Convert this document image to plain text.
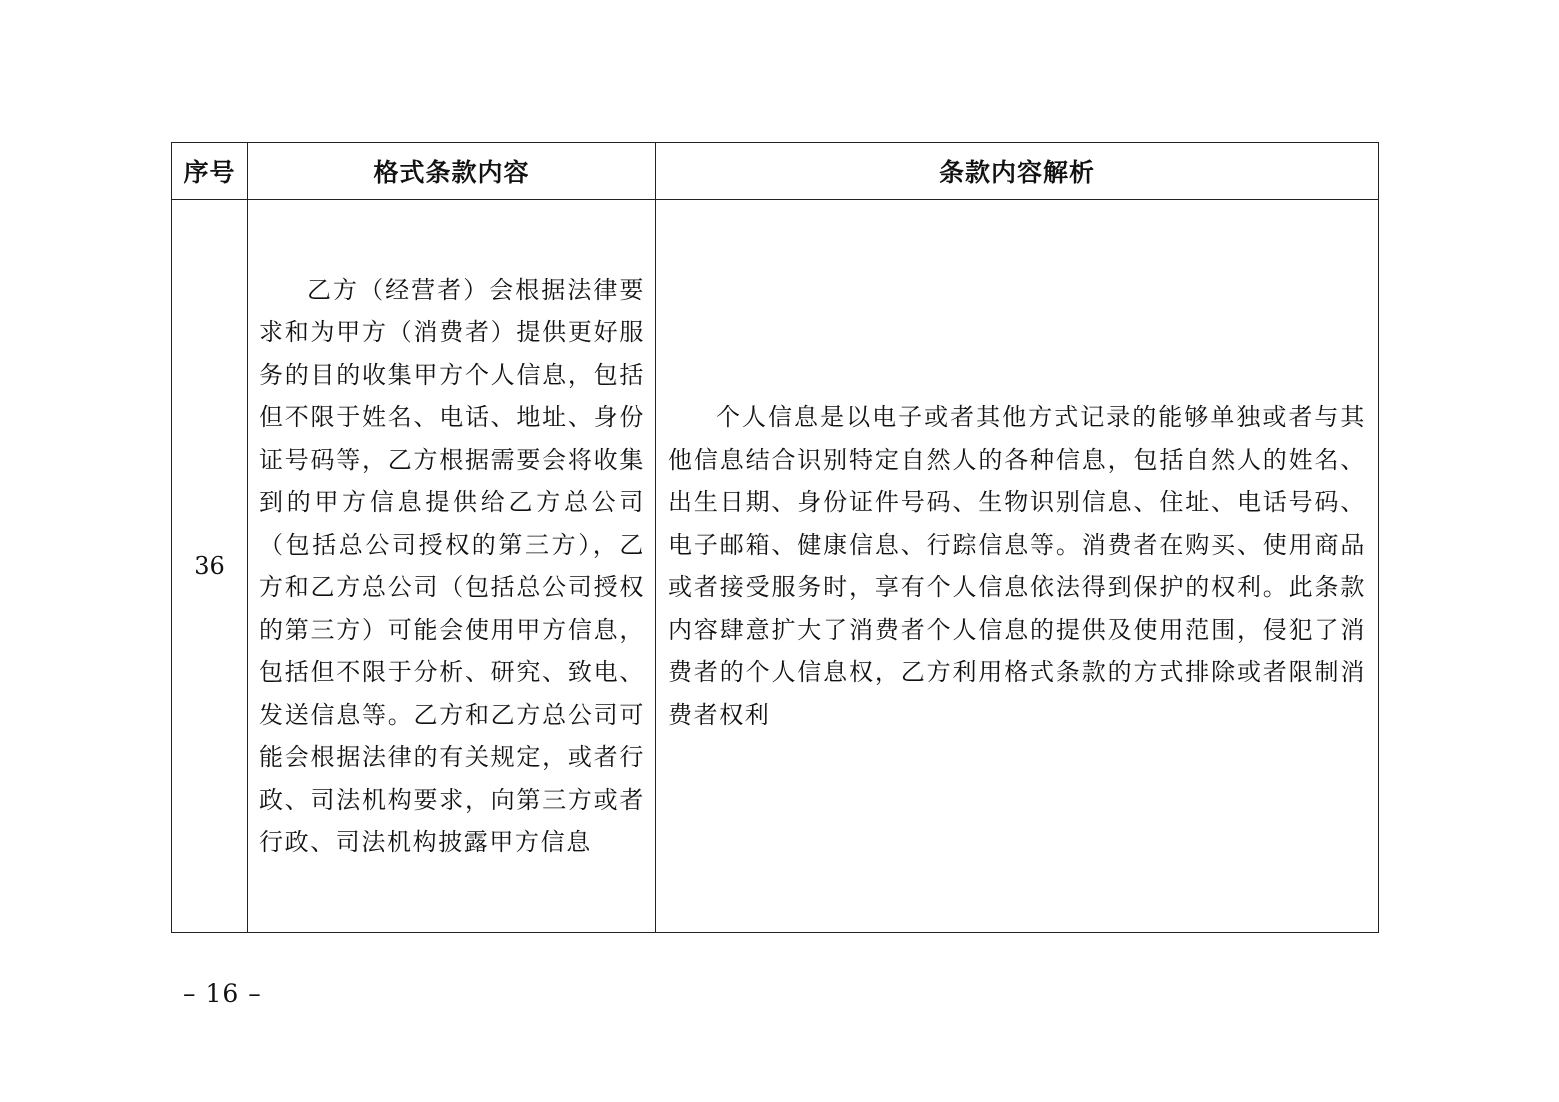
序号	格式条款内容	条款内容解析
36	乙方（经营者）会根据法律要求和为甲方（消费者）提供更好服务的目的收集甲方个人信息，包括但不限于姓名、电话、地址、身份证号码等，乙方根据需要会将收集到的甲方信息提供给乙方总公司（包括总公司授权的第三方），乙方和乙方总公司（包括总公司授权的第三方）可能会使用甲方信息，包括但不限于分析、研究、致电、发送信息等。乙方和乙方总公司可能会根据法律的有关规定，或者行政、司法机构要求，向第三方或者行政、司法机构披露甲方信息	个人信息是以电子或者其他方式记录的能够单独或者与其他信息结合识别特定自然人的各种信息，包括自然人的姓名、出生日期、身份证件号码、生物识别信息、住址、电话号码、电子邮箱、健康信息、行踪信息等。消费者在购买、使用商品或者接受服务时，享有个人信息依法得到保护的权利。此条款内容肆意扩大了消费者个人信息的提供及使用范围，侵犯了消费者的个人信息权，乙方利用格式条款的方式排除或者限制消费者权利

– 16 –
